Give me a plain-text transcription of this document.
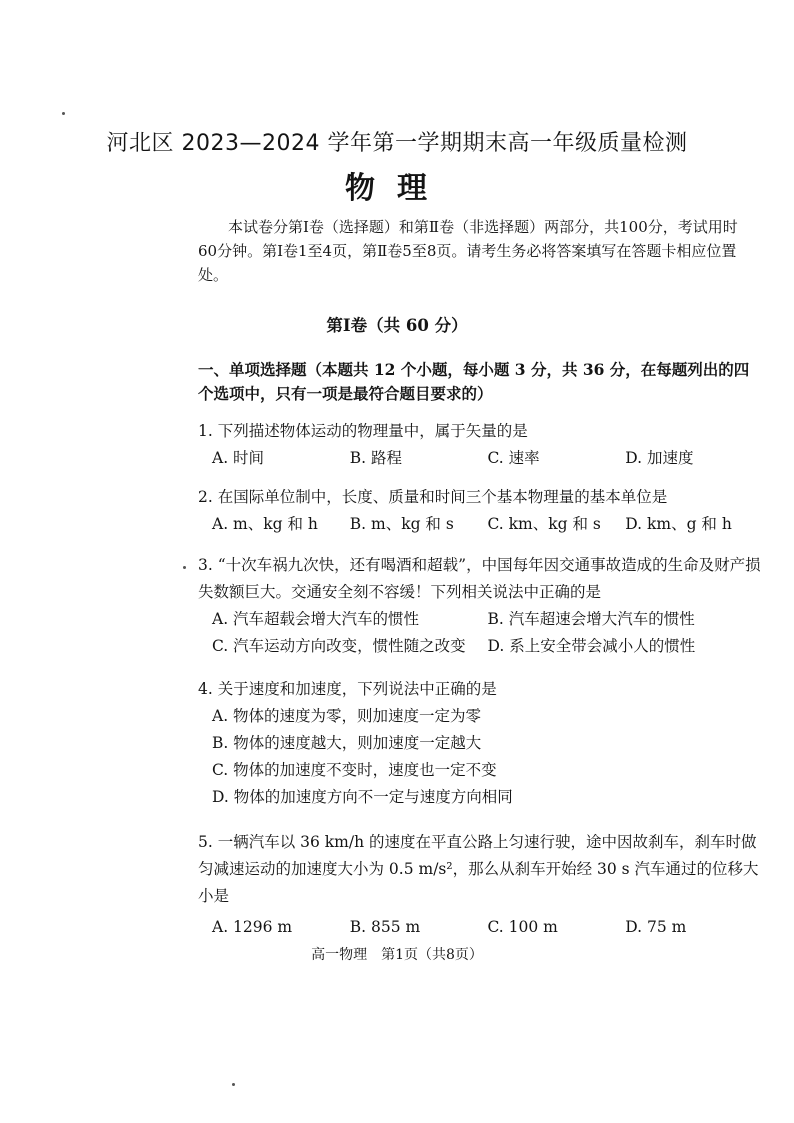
河北区 2023—2024 学年第一学期期末高一年级质量检测
物理
本试卷分第Ⅰ卷（选择题）和第Ⅱ卷（非选择题）两部分，共100分，考试用时 60分钟。第Ⅰ卷1至4页，第Ⅱ卷5至8页。请考生务必将答案填写在答题卡相应位置处。
第Ⅰ卷（共 60 分）
一、单项选择题（本题共 12 个小题，每小题 3 分，共 36 分，在每题列出的四个选项中，只有一项是最符合题目要求的）
1. 下列描述物体运动的物理量中，属于矢量的是
A. 时间	B. 路程	C. 速率	D. 加速度
2. 在国际单位制中，长度、质量和时间三个基本物理量的基本单位是
A. m、kg 和 h	B. m、kg 和 s	C. km、kg 和 s	D. km、g 和 h
3. “十次车祸九次快，还有喝酒和超载”，中国每年因交通事故造成的生命及财产损失数额巨大。交通安全刻不容缓！下列相关说法中正确的是
A. 汽车超载会增大汽车的惯性	B. 汽车超速会增大汽车的惯性
C. 汽车运动方向改变，惯性随之改变	D. 系上安全带会减小人的惯性
4. 关于速度和加速度，下列说法中正确的是
A. 物体的速度为零，则加速度一定为零
B. 物体的速度越大，则加速度一定越大
C. 物体的加速度不变时，速度也一定不变
D. 物体的加速度方向不一定与速度方向相同
5. 一辆汽车以 36 km/h 的速度在平直公路上匀速行驶，途中因故刹车，刹车时做匀减速运动的加速度大小为 0.5 m/s²，那么从刹车开始经 30 s 汽车通过的位移大小是
A. 1296 m	B. 855 m	C. 100 m	D. 75 m
高一物理　第1页（共8页）
